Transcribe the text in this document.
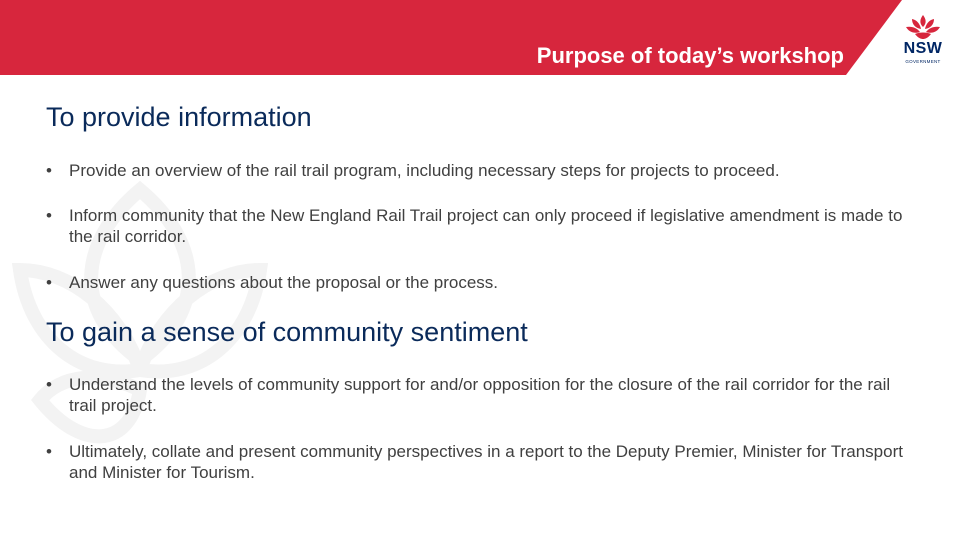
Purpose of today’s workshop	NSW
GOVERNMENT
To provide information
• Provide an overview of the rail trail program, including necessary steps for projects to proceed.
• Inform community that the New England Rail Trail project can only proceed if legislative amendment is made to the rail corridor.
• Answer any questions about the proposal or the process.
To gain a sense of community sentiment
• Understand the levels of community support for and/or opposition for the closure of the rail corridor for the rail trail project.
• Ultimately, collate and present community perspectives in a report to the Deputy Premier, Minister for Transport and Minister for Tourism.
